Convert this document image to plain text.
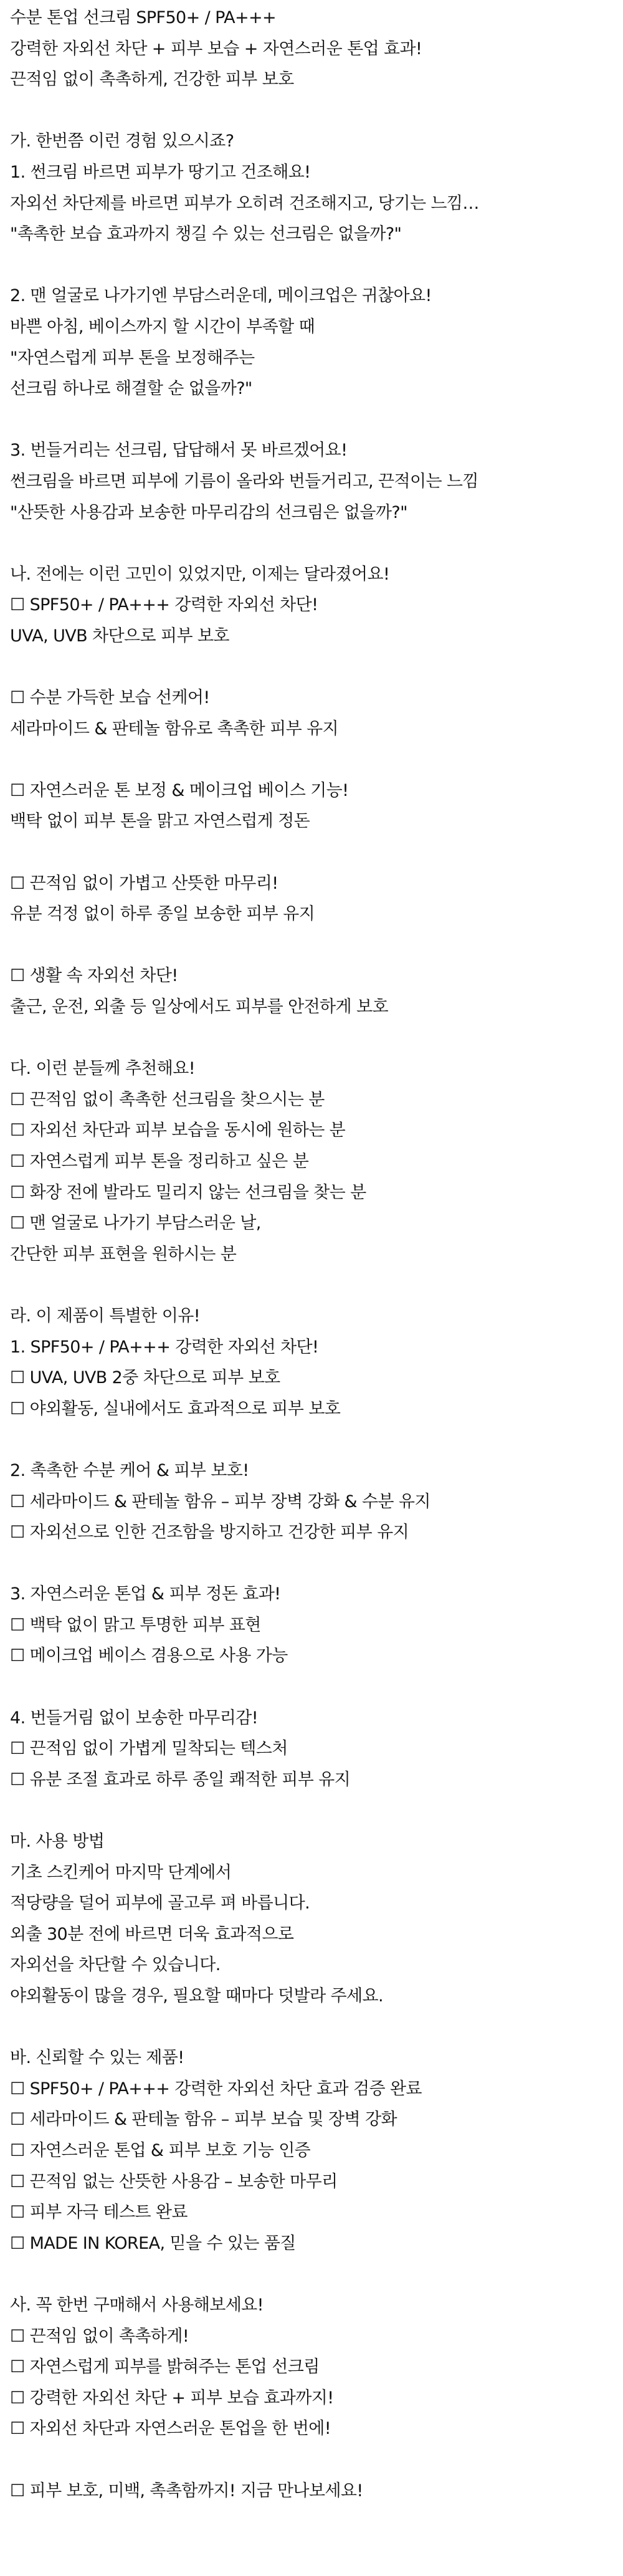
수분 톤업 선크림 SPF50+ / PA+++
강력한 자외선 차단 + 피부 보습 + 자연스러운 톤업 효과!
끈적임 없이 촉촉하게, 건강한 피부 보호
가. 한번쯤 이런 경험 있으시죠?
1. 썬크림 바르면 피부가 땅기고 건조해요!
자외선 차단제를 바르면 피부가 오히려 건조해지고, 당기는 느낌…
"촉촉한 보습 효과까지 챙길 수 있는 선크림은 없을까?"
2. 맨 얼굴로 나가기엔 부담스러운데, 메이크업은 귀찮아요!
바쁜 아침, 베이스까지 할 시간이 부족할 때
"자연스럽게 피부 톤을 보정해주는
선크림 하나로 해결할 순 없을까?"
3. 번들거리는 선크림, 답답해서 못 바르겠어요!
썬크림을 바르면 피부에 기름이 올라와 번들거리고, 끈적이는 느낌
"산뜻한 사용감과 보송한 마무리감의 선크림은 없을까?"
나. 전에는 이런 고민이 있었지만, 이제는 달라졌어요!
☐ SPF50+ / PA+++ 강력한 자외선 차단!
UVA, UVB 차단으로 피부 보호
☐ 수분 가득한 보습 선케어!
세라마이드 & 판테놀 함유로 촉촉한 피부 유지
☐ 자연스러운 톤 보정 & 메이크업 베이스 기능!
백탁 없이 피부 톤을 맑고 자연스럽게 정돈
☐ 끈적임 없이 가볍고 산뜻한 마무리!
유분 걱정 없이 하루 종일 보송한 피부 유지
☐ 생활 속 자외선 차단!
출근, 운전, 외출 등 일상에서도 피부를 안전하게 보호
다. 이런 분들께 추천해요!
☐ 끈적임 없이 촉촉한 선크림을 찾으시는 분
☐ 자외선 차단과 피부 보습을 동시에 원하는 분
☐ 자연스럽게 피부 톤을 정리하고 싶은 분
☐ 화장 전에 발라도 밀리지 않는 선크림을 찾는 분
☐ 맨 얼굴로 나가기 부담스러운 날,
간단한 피부 표현을 원하시는 분
라. 이 제품이 특별한 이유!
1. SPF50+ / PA+++ 강력한 자외선 차단!
☐ UVA, UVB 2중 차단으로 피부 보호
☐ 야외활동, 실내에서도 효과적으로 피부 보호
2. 촉촉한 수분 케어 & 피부 보호!
☐ 세라마이드 & 판테놀 함유 – 피부 장벽 강화 & 수분 유지
☐ 자외선으로 인한 건조함을 방지하고 건강한 피부 유지
3. 자연스러운 톤업 & 피부 정돈 효과!
☐ 백탁 없이 맑고 투명한 피부 표현
☐ 메이크업 베이스 겸용으로 사용 가능
4. 번들거림 없이 보송한 마무리감!
☐ 끈적임 없이 가볍게 밀착되는 텍스처
☐ 유분 조절 효과로 하루 종일 쾌적한 피부 유지
마. 사용 방법
기초 스킨케어 마지막 단계에서
적당량을 덜어 피부에 골고루 펴 바릅니다.
외출 30분 전에 바르면 더욱 효과적으로
자외선을 차단할 수 있습니다.
야외활동이 많을 경우, 필요할 때마다 덧발라 주세요.
바. 신뢰할 수 있는 제품!
☐ SPF50+ / PA+++ 강력한 자외선 차단 효과 검증 완료
☐ 세라마이드 & 판테놀 함유 – 피부 보습 및 장벽 강화
☐ 자연스러운 톤업 & 피부 보호 기능 인증
☐ 끈적임 없는 산뜻한 사용감 – 보송한 마무리
☐ 피부 자극 테스트 완료
☐ MADE IN KOREA, 믿을 수 있는 품질
사. 꼭 한번 구매해서 사용해보세요!
☐ 끈적임 없이 촉촉하게!
☐ 자연스럽게 피부를 밝혀주는 톤업 선크림
☐ 강력한 자외선 차단 + 피부 보습 효과까지!
☐ 자외선 차단과 자연스러운 톤업을 한 번에!
☐ 피부 보호, 미백, 촉촉함까지! 지금 만나보세요!
